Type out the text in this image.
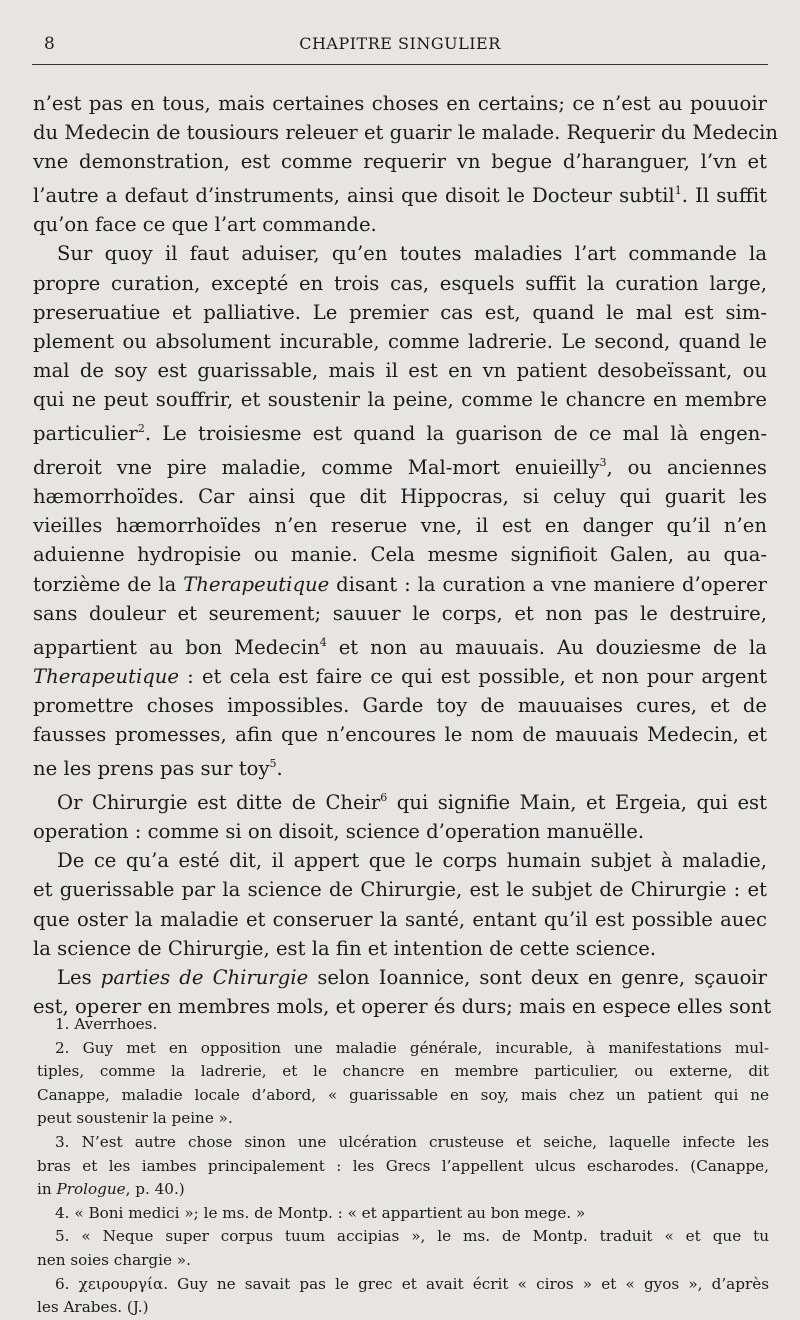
8	CHAPITRE SINGULIER
n’est pas en tous, mais certaines choses en certains; ce n’est au pouuoir
du Medecin de tousiours releuer et guarir le malade. Requerir du Medecin
vne demonstration, est comme requerir vn begue d’haranguer, l’vn et
l’autre a defaut d’instruments, ainsi que disoit le Docteur subtil$^1$. Il suffit
qu’on face ce que l’art commande.
Sur quoy il faut aduiser, qu’en toutes maladies l’art commande la
propre curation, excepté en trois cas, esquels suffit la curation large,
preseruatiue et palliative. Le premier cas est, quand le mal est sim-
plement ou absolument incurable, comme ladrerie. Le second, quand le
mal de soy est guarissable, mais il est en vn patient desobeïssant, ou
qui ne peut souffrir, et soustenir la peine, comme le chancre en membre
particulier$^2$. Le troisiesme est quand la guarison de ce mal là engen-
dreroit vne pire maladie, comme Mal-mort enuieilly$^3$, ou anciennes
hæmorrhoïdes. Car ainsi que dit Hippocras, si celuy qui guarit les
vieilles hæmorrhoïdes n’en reserue vne, il est en danger qu’il n’en
aduienne hydropisie ou manie. Cela mesme signifioit Galen, au qua-
torzième de la Therapeutique disant : la curation a vne maniere d’operer
sans douleur et seurement; sauuer le corps, et non pas le destruire,
appartient au bon Medecin$^4$ et non au mauuais. Au douziesme de la
Therapeutique : et cela est faire ce qui est possible, et non pour argent
promettre choses impossibles. Garde toy de mauuaises cures, et de
fausses promesses, afin que n’encoures le nom de mauuais Medecin, et
ne les prens pas sur toy$^5$.
Or Chirurgie est ditte de Cheir$^6$ qui signifie Main, et Ergeia, qui est
operation : comme si on disoit, science d’operation manuëlle.
De ce qu’a esté dit, il appert que le corps humain subjet à maladie,
et guerissable par la science de Chirurgie, est le subjet de Chirurgie : et
que oster la maladie et conseruer la santé, entant qu’il est possible auec
la science de Chirurgie, est la fin et intention de cette science.
Les parties de Chirurgie selon Ioannice, sont deux en genre, sçauoir
est, operer en membres mols, et operer és durs; mais en espece elles sont
1. Averrhoes.
2. Guy met en opposition une maladie générale, incurable, à manifestations mul-
tiples, comme la ladrerie, et le chancre en membre particulier, ou externe, dit
Canappe, maladie locale d’abord, « guarissable en soy, mais chez un patient qui ne
peut soustenir la peine ».
3. N’est autre chose sinon une ulcération crusteuse et seiche, laquelle infecte les
bras et les iambes principalement : les Grecs l’appellent ulcus escharodes. (Canappe,
in Prologue, p. 40.)
4. « Boni medici »; le ms. de Montp. : « et appartient au bon mege. »
5. « Neque super corpus tuum accipias », le ms. de Montp. traduit « et que tu
nen soies chargie ».
6. χειρουργία. Guy ne savait pas le grec et avait écrit « ciros » et « gyos », d’après
les Arabes. (J.)
